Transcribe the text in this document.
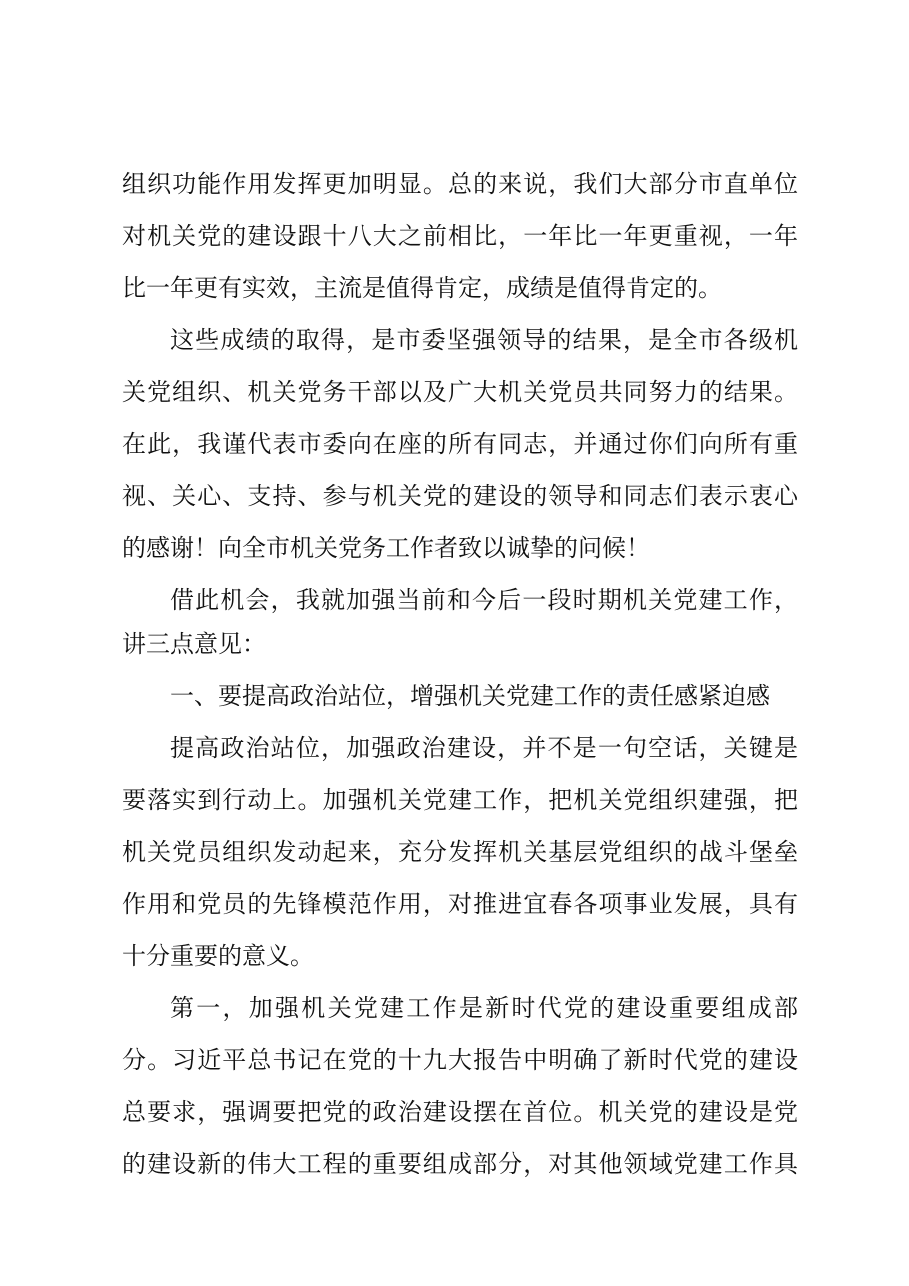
组织功能作用发挥更加明显。总的来说，我们大部分市直单位
对机关党的建设跟十八大之前相比，一年比一年更重视，一年
比一年更有实效，主流是值得肯定，成绩是值得肯定的。
这些成绩的取得，是市委坚强领导的结果，是全市各级机
关党组织、机关党务干部以及广大机关党员共同努力的结果。
在此，我谨代表市委向在座的所有同志，并通过你们向所有重
视、关心、支持、参与机关党的建设的领导和同志们表示衷心
的感谢！向全市机关党务工作者致以诚挚的问候！
借此机会，我就加强当前和今后一段时期机关党建工作，
讲三点意见：
一、要提高政治站位，增强机关党建工作的责任感紧迫感
提高政治站位，加强政治建设，并不是一句空话，关键是
要落实到行动上。加强机关党建工作，把机关党组织建强，把
机关党员组织发动起来，充分发挥机关基层党组织的战斗堡垒
作用和党员的先锋模范作用，对推进宜春各项事业发展，具有
十分重要的意义。
第一，加强机关党建工作是新时代党的建设重要组成部
分。习近平总书记在党的十九大报告中明确了新时代党的建设
总要求，强调要把党的政治建设摆在首位。机关党的建设是党
的建设新的伟大工程的重要组成部分，对其他领域党建工作具
